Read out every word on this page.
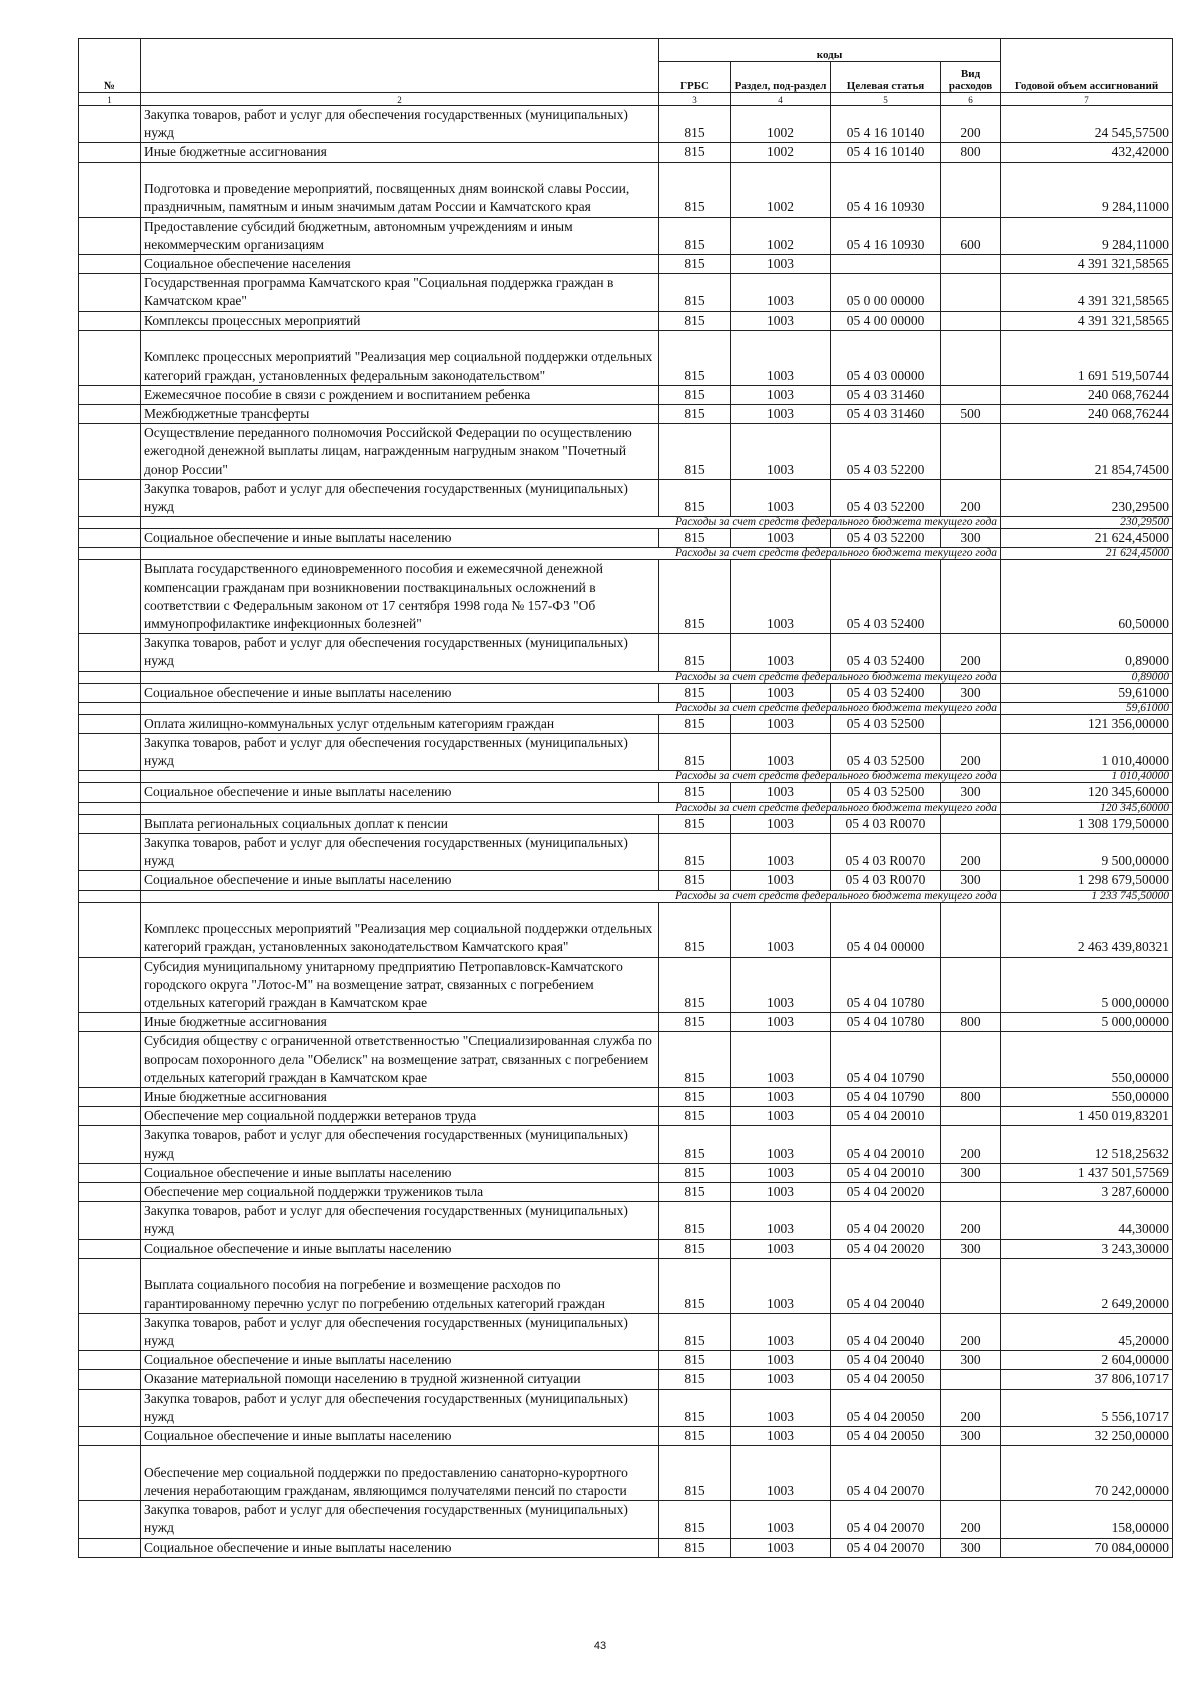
№		коды				Годовой объем ассигнований
		ГРБС	Раздел, под-раздел	Целевая статья	Вид расходов	
1	2	3	4	5	6	7
	Закупка товаров, работ и услуг для обеспечения государственных (муниципальных) нужд	815	1002	05 4 16 10140	200	24 545,57500
	Иные бюджетные ассигнования	815	1002	05 4 16 10140	800	432,42000
	Подготовка и проведение мероприятий, посвященных дням воинской славы России, праздничным, памятным и иным значимым датам России и Камчатского края	815	1002	05 4 16 10930		9 284,11000
	Предоставление субсидий бюджетным, автономным учреждениям и иным некоммерческим организациям	815	1002	05 4 16 10930	600	9 284,11000
	Социальное обеспечение населения	815	1003			4 391 321,58565
	Государственная программа Камчатского края "Социальная поддержка граждан в Камчатском крае"	815	1003	05 0 00 00000		4 391 321,58565
	Комплексы процессных мероприятий	815	1003	05 4 00 00000		4 391 321,58565
	Комплекс процессных мероприятий "Реализация мер социальной поддержки отдельных категорий граждан, установленных федеральным законодательством"	815	1003	05 4 03 00000		1 691 519,50744
	Ежемесячное пособие в связи с рождением и воспитанием ребенка	815	1003	05 4 03 31460		240 068,76244
	Межбюджетные трансферты	815	1003	05 4 03 31460	500	240 068,76244
	Осуществление переданного полномочия Российской Федерации по осуществлению ежегодной денежной выплаты лицам, награжденным нагрудным знаком "Почетный донор России"	815	1003	05 4 03 52200		21 854,74500
	Закупка товаров, работ и услуг для обеспечения государственных (муниципальных) нужд	815	1003	05 4 03 52200	200	230,29500
	Расходы за счет средств федерального бюджета текущего года					230,29500
	Социальное обеспечение и иные выплаты населению	815	1003	05 4 03 52200	300	21 624,45000
	Расходы за счет средств федерального бюджета текущего года					21 624,45000
	Выплата государственного единовременного пособия и ежемесячной денежной компенсации гражданам при возникновении поствакцинальных осложнений в соответствии с Федеральным законом от 17 сентября 1998 года № 157-ФЗ "Об иммунопрофилактике инфекционных болезней"	815	1003	05 4 03 52400		60,50000
	Закупка товаров, работ и услуг для обеспечения государственных (муниципальных) нужд	815	1003	05 4 03 52400	200	0,89000
	Расходы за счет средств федерального бюджета текущего года					0,89000
	Социальное обеспечение и иные выплаты населению	815	1003	05 4 03 52400	300	59,61000
	Расходы за счет средств федерального бюджета текущего года					59,61000
	Оплата жилищно-коммунальных услуг отдельным категориям граждан	815	1003	05 4 03 52500		121 356,00000
	Закупка товаров, работ и услуг для обеспечения государственных (муниципальных) нужд	815	1003	05 4 03 52500	200	1 010,40000
	Расходы за счет средств федерального бюджета текущего года					1 010,40000
	Социальное обеспечение и иные выплаты населению	815	1003	05 4 03 52500	300	120 345,60000
	Расходы за счет средств федерального бюджета текущего года					120 345,60000
	Выплата региональных социальных доплат к пенсии	815	1003	05 4 03 R0070		1 308 179,50000
	Закупка товаров, работ и услуг для обеспечения государственных (муниципальных) нужд	815	1003	05 4 03 R0070	200	9 500,00000
	Социальное обеспечение и иные выплаты населению	815	1003	05 4 03 R0070	300	1 298 679,50000
	Расходы за счет средств федерального бюджета текущего года					1 233 745,50000
	Комплекс процессных мероприятий "Реализация мер социальной поддержки отдельных категорий граждан, установленных законодательством Камчатского края"	815	1003	05 4 04 00000		2 463 439,80321
	Субсидия муниципальному унитарному предприятию Петропавловск-Камчатского городского округа "Лотос-М" на возмещение затрат, связанных с погребением отдельных категорий граждан в Камчатском крае	815	1003	05 4 04 10780		5 000,00000
	Иные бюджетные ассигнования	815	1003	05 4 04 10780	800	5 000,00000
	Субсидия обществу с ограниченной ответственностью "Специализированная служба по вопросам похоронного дела "Обелиск" на возмещение затрат, связанных с погребением отдельных категорий граждан в Камчатском крае	815	1003	05 4 04 10790		550,00000
	Иные бюджетные ассигнования	815	1003	05 4 04 10790	800	550,00000
	Обеспечение мер социальной поддержки ветеранов труда	815	1003	05 4 04 20010		1 450 019,83201
	Закупка товаров, работ и услуг для обеспечения государственных (муниципальных) нужд	815	1003	05 4 04 20010	200	12 518,25632
	Социальное обеспечение и иные выплаты населению	815	1003	05 4 04 20010	300	1 437 501,57569
	Обеспечение мер социальной поддержки тружеников тыла	815	1003	05 4 04 20020		3 287,60000
	Закупка товаров, работ и услуг для обеспечения государственных (муниципальных) нужд	815	1003	05 4 04 20020	200	44,30000
	Социальное обеспечение и иные выплаты населению	815	1003	05 4 04 20020	300	3 243,30000
	Выплата социального пособия на погребение и возмещение расходов по гарантированному перечню услуг по погребению отдельных категорий граждан	815	1003	05 4 04 20040		2 649,20000
	Закупка товаров, работ и услуг для обеспечения государственных (муниципальных) нужд	815	1003	05 4 04 20040	200	45,20000
	Социальное обеспечение и иные выплаты населению	815	1003	05 4 04 20040	300	2 604,00000
	Оказание материальной помощи населению в трудной жизненной ситуации	815	1003	05 4 04 20050		37 806,10717
	Закупка товаров, работ и услуг для обеспечения государственных (муниципальных) нужд	815	1003	05 4 04 20050	200	5 556,10717
	Социальное обеспечение и иные выплаты населению	815	1003	05 4 04 20050	300	32 250,00000
	Обеспечение мер социальной поддержки по предоставлению санаторно-курортного лечения неработающим гражданам, являющимся получателями пенсий по старости	815	1003	05 4 04 20070		70 242,00000
	Закупка товаров, работ и услуг для обеспечения государственных (муниципальных) нужд	815	1003	05 4 04 20070	200	158,00000
	Социальное обеспечение и иные выплаты населению	815	1003	05 4 04 20070	300	70 084,00000
43
